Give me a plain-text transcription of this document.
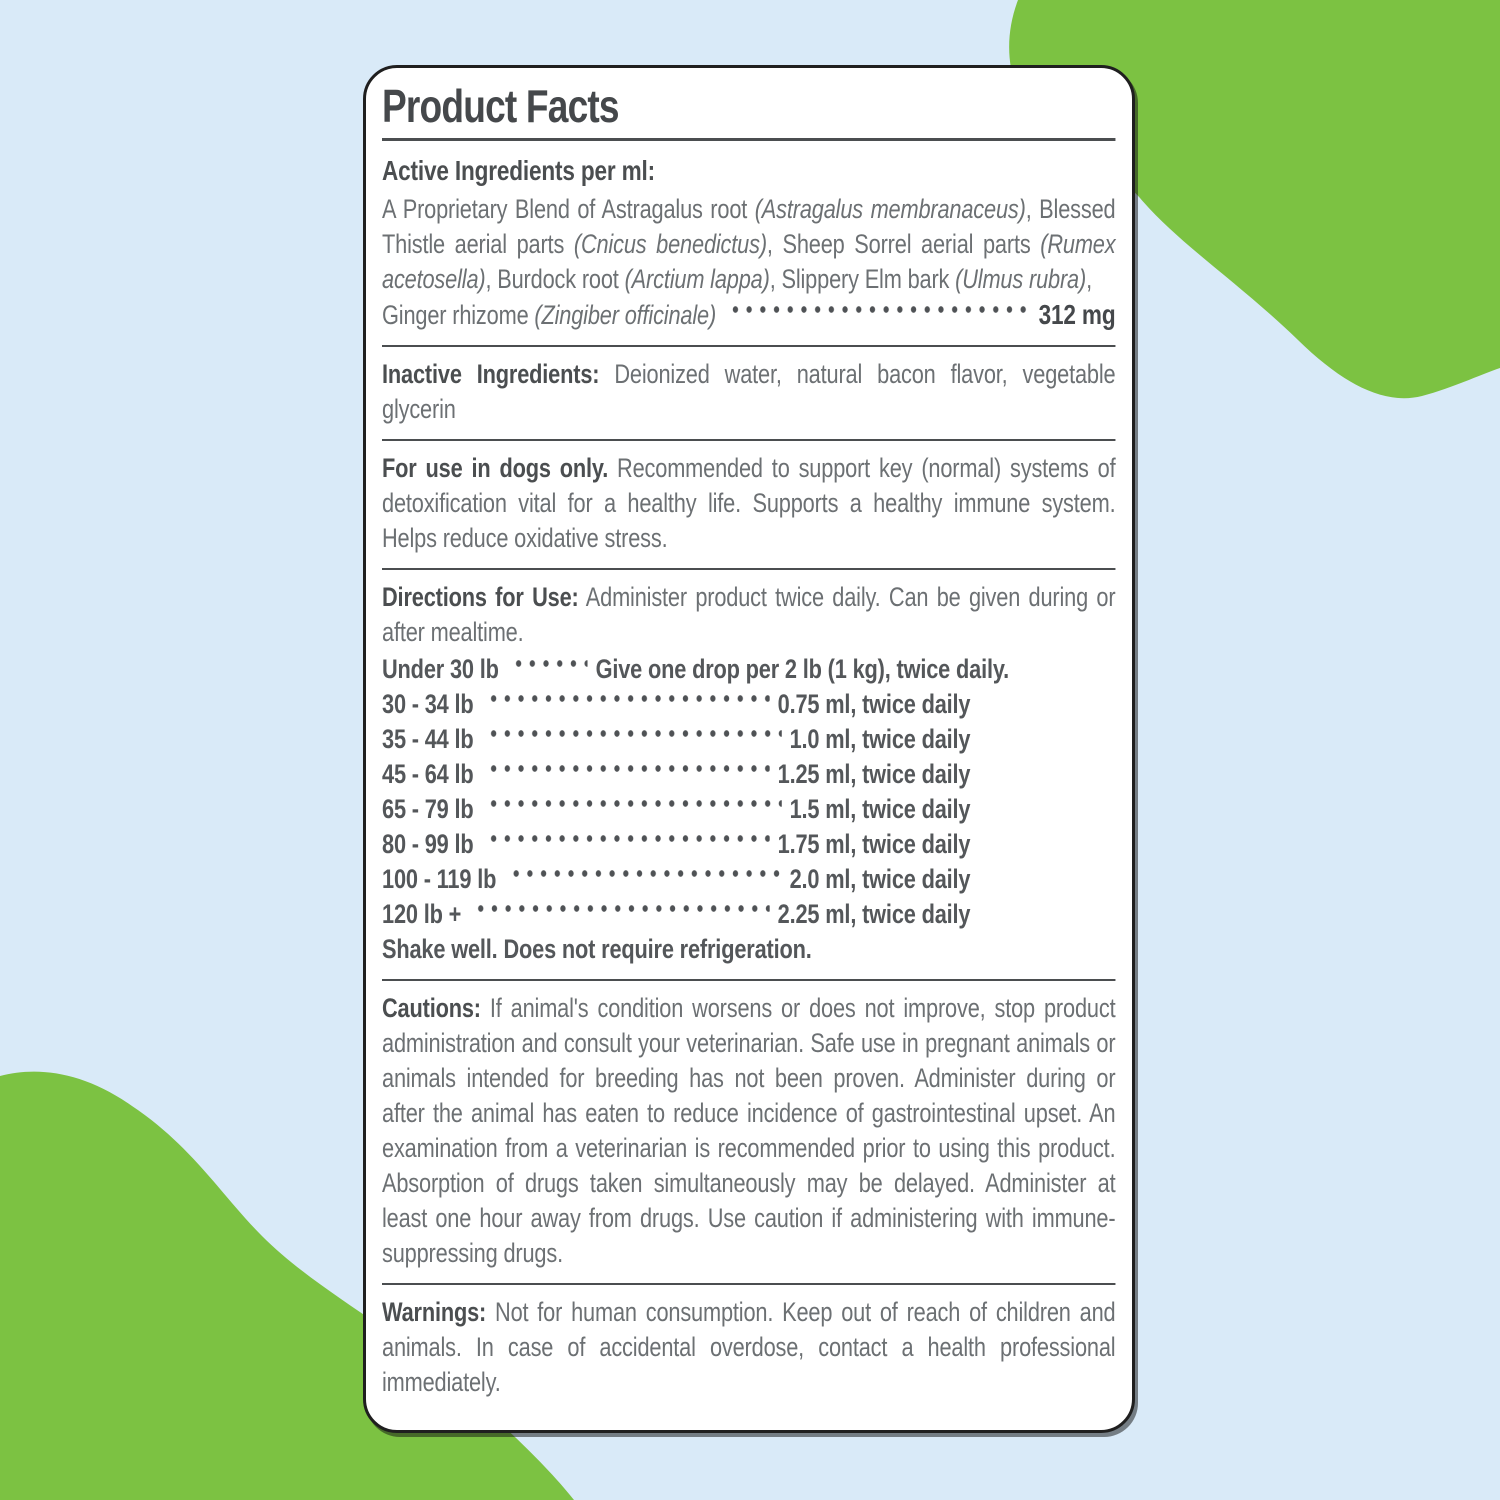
Product Facts
Active Ingredients per ml:

A Proprietary Blend of Astragalus root (Astragalus membranaceus), Blessed Thistle aerial parts (Cnicus benedictus), Sheep Sorrel aerial parts (Rumex acetosella), Burdock root (Arctium lappa), Slippery Elm bark (Ulmus rubra),

Ginger rhizome (Zingiber officinale)	312 mg

Inactive Ingredients: Deionized water, natural bacon flavor, vegetable glycerin

For use in dogs only. Recommended to support key (normal) systems of detoxification vital for a healthy life. Supports a healthy immune system. Helps reduce oxidative stress.

Directions for Use: Administer product twice daily. Can be given during or after mealtime.

Under 30 lb	Give one drop per 2 lb (1 kg), twice daily.
30 - 34 lb	0.75 ml, twice daily
35 - 44 lb	1.0 ml, twice daily
45 - 64 lb	1.25 ml, twice daily
65 - 79 lb	1.5 ml, twice daily
80 - 99 lb	1.75 ml, twice daily
100 - 119 lb	2.0 ml, twice daily
120 lb +	2.25 ml, twice daily

Shake well. Does not require refrigeration.

Cautions: If animal's condition worsens or does not improve, stop product administration and consult your veterinarian. Safe use in pregnant animals or animals intended for breeding has not been proven. Administer during or after the animal has eaten to reduce incidence of gastrointestinal upset. An examination from a veterinarian is recommended prior to using this product. Absorption of drugs taken simultaneously may be delayed. Administer at least one hour away from drugs. Use caution if administering with immune-suppressing drugs.

Warnings: Not for human consumption. Keep out of reach of children and animals. In case of accidental overdose, contact a health professional immediately.
